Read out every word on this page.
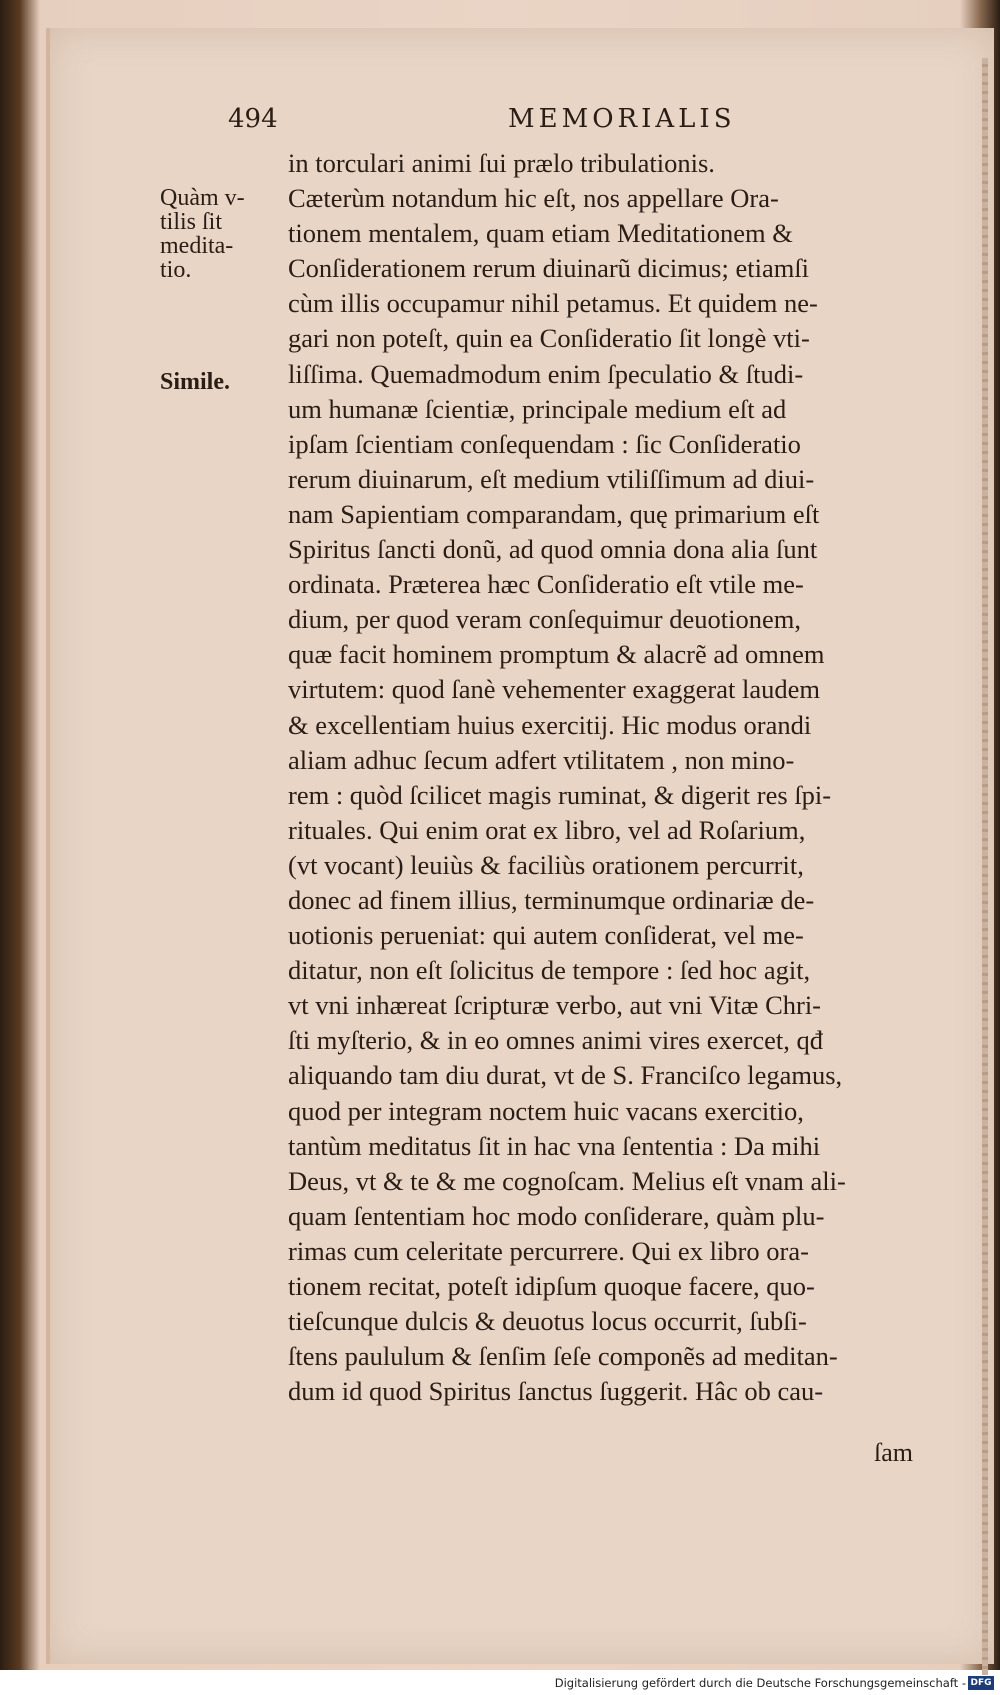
494	MEMORIALIS
Quàm v-
tilis ſit
medita-
tio.
Simile.
in torculari animi ſui prælo tribulationis.
Cæterùm notandum hic eſt, nos appellare Ora-
tionem mentalem, quam etiam Meditationem &
Conſiderationem rerum diuinarũ dicimus; etiamſi
cùm illis occupamur nihil petamus. Et quidem ne-
gari non poteſt, quin ea Conſideratio ſit longè vti-
liſſima. Quemadmodum enim ſpeculatio & ſtudi-
um humanæ ſcientiæ, principale medium eſt ad
ipſam ſcientiam conſequendam : ſic Conſideratio
rerum diuinarum, eſt medium vtiliſſimum ad diui-
nam Sapientiam comparandam, quę primarium eſt
Spiritus ſancti donũ, ad quod omnia dona alia ſunt
ordinata. Præterea hæc Conſideratio eſt vtile me-
dium, per quod veram conſequimur deuotionem,
quæ facit hominem promptum & alacrẽ ad omnem
virtutem: quod ſanè vehementer exaggerat laudem
& excellentiam huius exercitij. Hic modus orandi
aliam adhuc ſecum adfert vtilitatem , non mino-
rem : quòd ſcilicet magis ruminat, & digerit res ſpi-
rituales. Qui enim orat ex libro, vel ad Roſarium,
(vt vocant) leuiùs & faciliùs orationem percurrit,
donec ad finem illius, terminumque ordinariæ de-
uotionis perueniat: qui autem conſiderat, vel me-
ditatur, non eſt ſolicitus de tempore : ſed hoc agit,
vt vni inhæreat ſcripturæ verbo, aut vni Vitæ Chri-
ſti myſterio, & in eo omnes animi vires exercet, qđ
aliquando tam diu durat, vt de S. Franciſco legamus,
quod per integram noctem huic vacans exercitio,
tantùm meditatus ſit in hac vna ſententia : Da mihi
Deus, vt & te & me cognoſcam. Melius eſt vnam ali-
quam ſententiam hoc modo conſiderare, quàm plu-
rimas cum celeritate percurrere. Qui ex libro ora-
tionem recitat, poteſt idipſum quoque facere, quo-
tieſcunque dulcis & deuotus locus occurrit, ſubſi-
ſtens paululum & ſenſim ſeſe componẽs ad meditan-
dum id quod Spiritus ſanctus ſuggerit. Hâc ob cau-
ſam
Digitalisierung gefördert durch die Deutsche Forschungsgemeinschaft - DFG
